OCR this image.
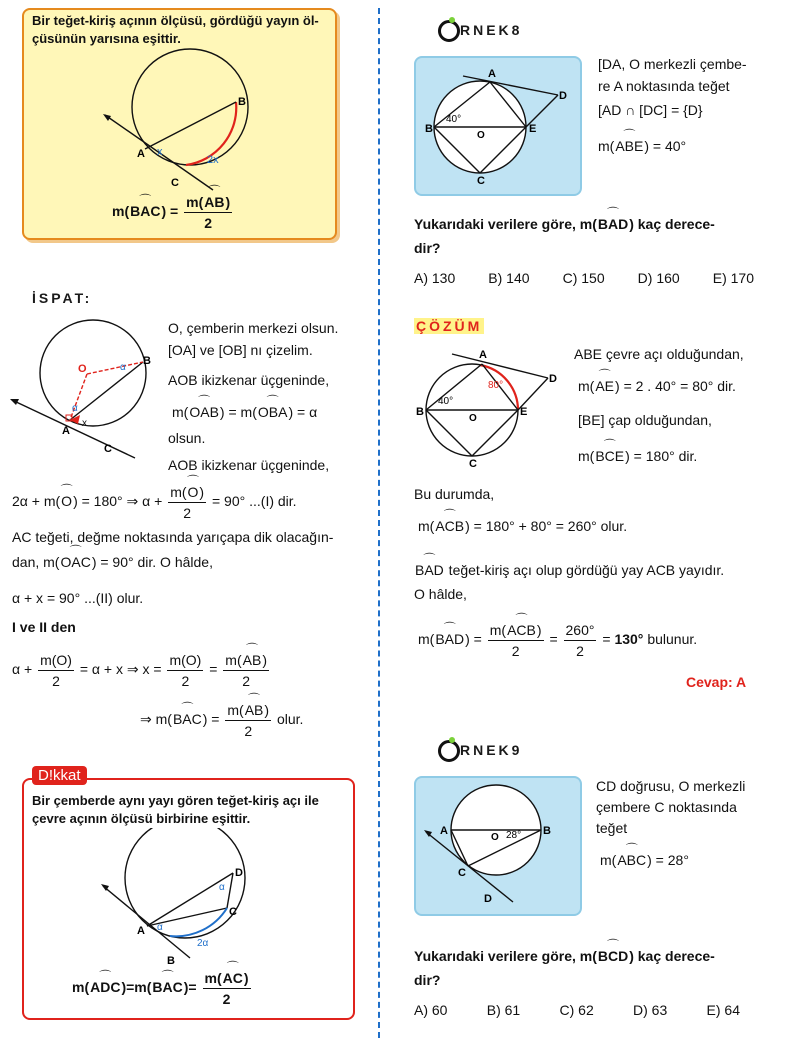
Bir teğet-kiriş açının ölçüsü, gördüğü yayın öl-
çüsünün yarısına eşittir.
A
B
C
x
2x
m(⌒ $BAC) = \frac{m(⌒ AB)}{2}$
İSPAT:
O
B
A
C
α
α
x
O, çemberin merkezi olsun.
[OA] ve [OB] nı çizelim.
AOB ikizkenar üçgeninde,
m(⌒ OAB) = m(⌒ OBA) = α
olsun.
AOB ikizkenar üçgeninde,
2α + m(⌒ O) = 180° ⇒ $\alpha + \frac{m(⌒ O)}{2} = 90^\circ$ ...(I) dir.
AC teğeti, değme noktasında yarıçapa dik olacağın-
dan, m(⌒ OAC) = 90° dir. O hâlde,
α + x = 90° ...(II) olur.
I ve II den
$\alpha + \frac{m(O)}{2} = \alpha + x$ ⇒ $x = \frac{m(O)}{2} = \frac{m(⌒ AB)}{2}$
⇒ m(⌒ $BAC) = \frac{m(⌒ AB)}{2}$ olur.
D!kkat
Bir çemberde aynı yayı gören teğet-kiriş açı ile
çevre açının ölçüsü birbirine eşittir.
A
D
C
B
α
α
2α
m(⌒ ADC)=m(⌒ $BAC)= \frac{m(⌒ AC)}{2}$
RNEK8
A
D
B
O
E
C
40°
[DA, O merkezli çembe-
re A noktasında teğet
[AD ∩ [DC] = {D}
m(⌒ ABE) = 40°
Yukarıdaki verilere göre, m(⌒ BAD) kaç derece-
dir?
A) 130 B) 140 C) 150 D) 160 E) 170
ÇÖZÜM
A
D
B
O
E
C
40°
80°
ABE çevre açı olduğundan,
m(⌒ AE) = 2 . 40° = 80° dir.
[BE] çap olduğundan,
m(⌒ BCE) = 180° dir.
Bu durumda,
m(⌒ ACB) = 180° + 80° = 260° olur.
⌒ BAD teğet-kiriş açı olup gördüğü yay ACB yayıdır.
O hâlde,
m(⌒ $BAD) = \frac{\text{m(⌒ ACB)}}{2} = \frac{260^\circ}{2} = 130^\circ$ bulunur.
Cevap: A
RNEK9
A
O
B
C
D
28°
CD doğrusu, O merkezli
çembere C noktasında
teğet
m(⌒ ABC) = 28°
Yukarıdaki verilere göre, m(⌒ BCD) kaç derece-
dir?
A) 60	B) 61	C) 62	D) 63	E) 64
